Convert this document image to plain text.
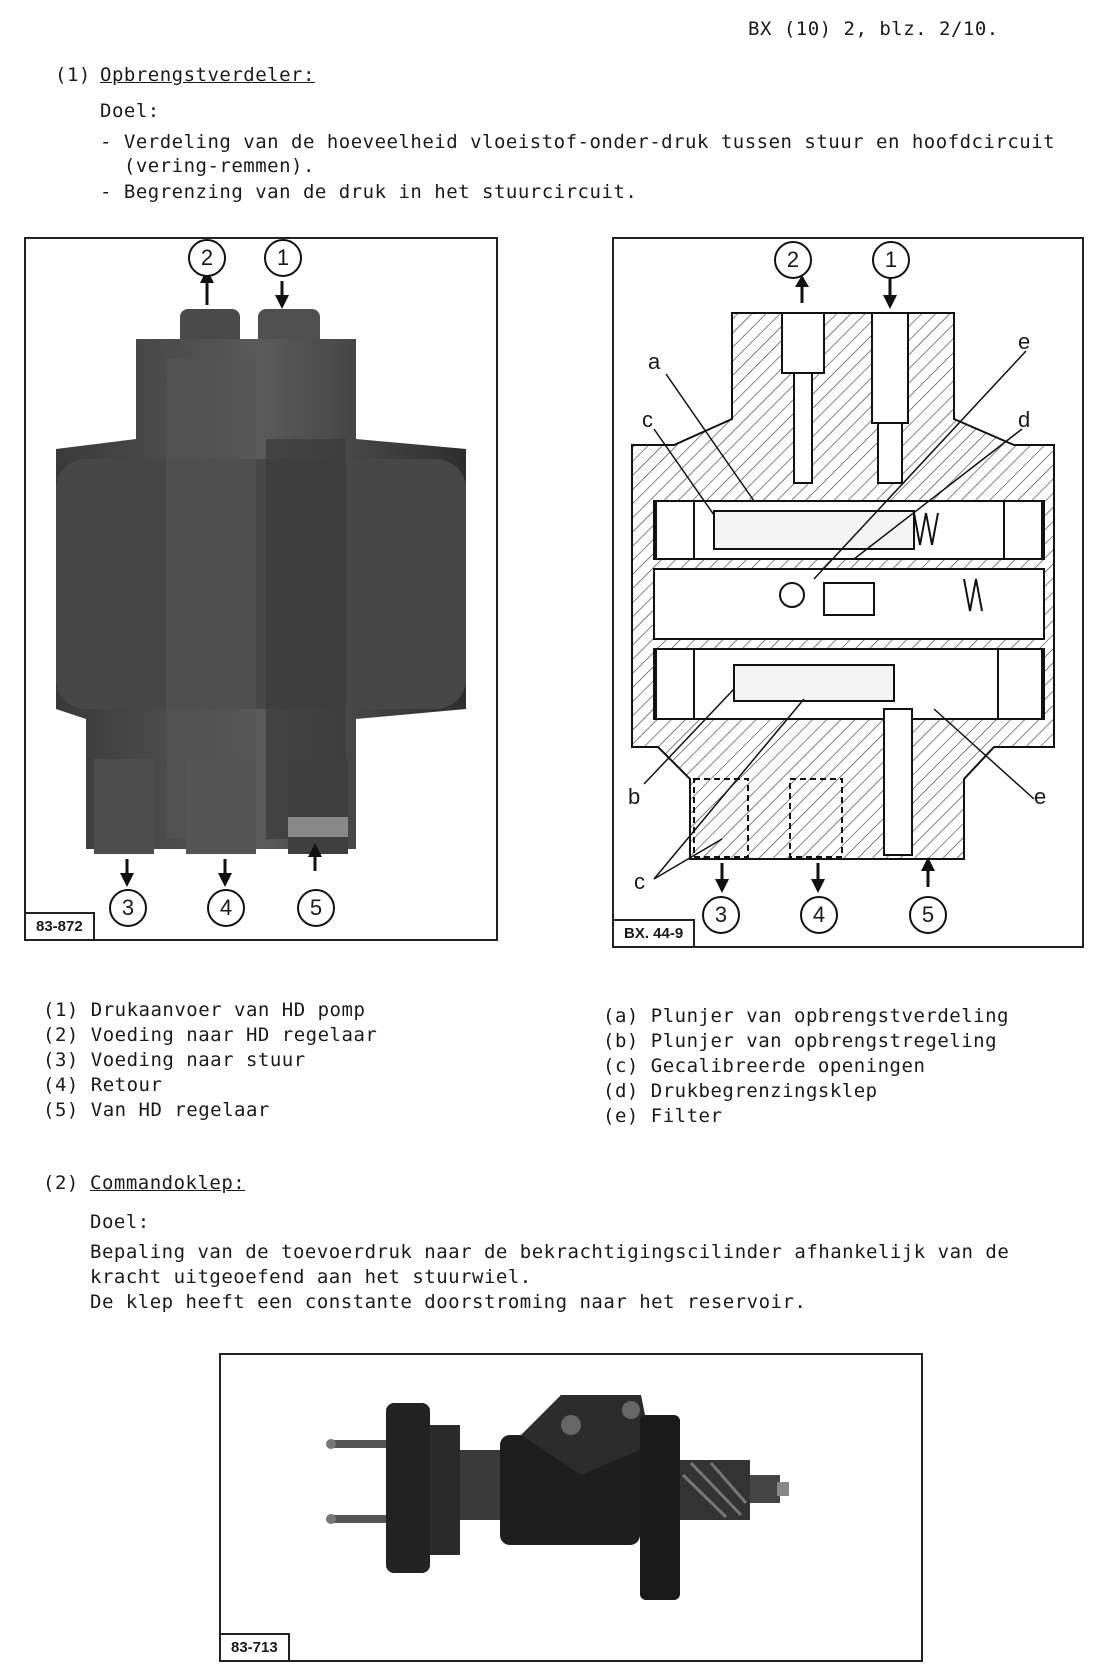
BX (10) 2, blz. 2/10.
(1) Opbrengstverdeler:
Doel:
- Verdeling van de hoeveelheid vloeistof-onder-druk tussen stuur en hoofdcircuit
(vering-remmen).
- Begrenzing van de druk in het stuurcircuit.
2	1
3	4	5
83-872
2	1
3	4	5
a
c
e
d
b	e
c
BX. 44-9
(1) Drukaanvoer van HD pomp
(2) Voeding naar HD regelaar
(3) Voeding naar stuur
(4) Retour
(5) Van HD regelaar
(a) Plunjer van opbrengstverdeling
(b) Plunjer van opbrengstregeling
(c) Gecalibreerde openingen
(d) Drukbegrenzingsklep
(e) Filter
(2) Commandoklep:
Doel:
Bepaling van de toevoerdruk naar de bekrachtigingscilinder afhankelijk van de
kracht uitgeoefend aan het stuurwiel.
De klep heeft een constante doorstroming naar het reservoir.
83-713
